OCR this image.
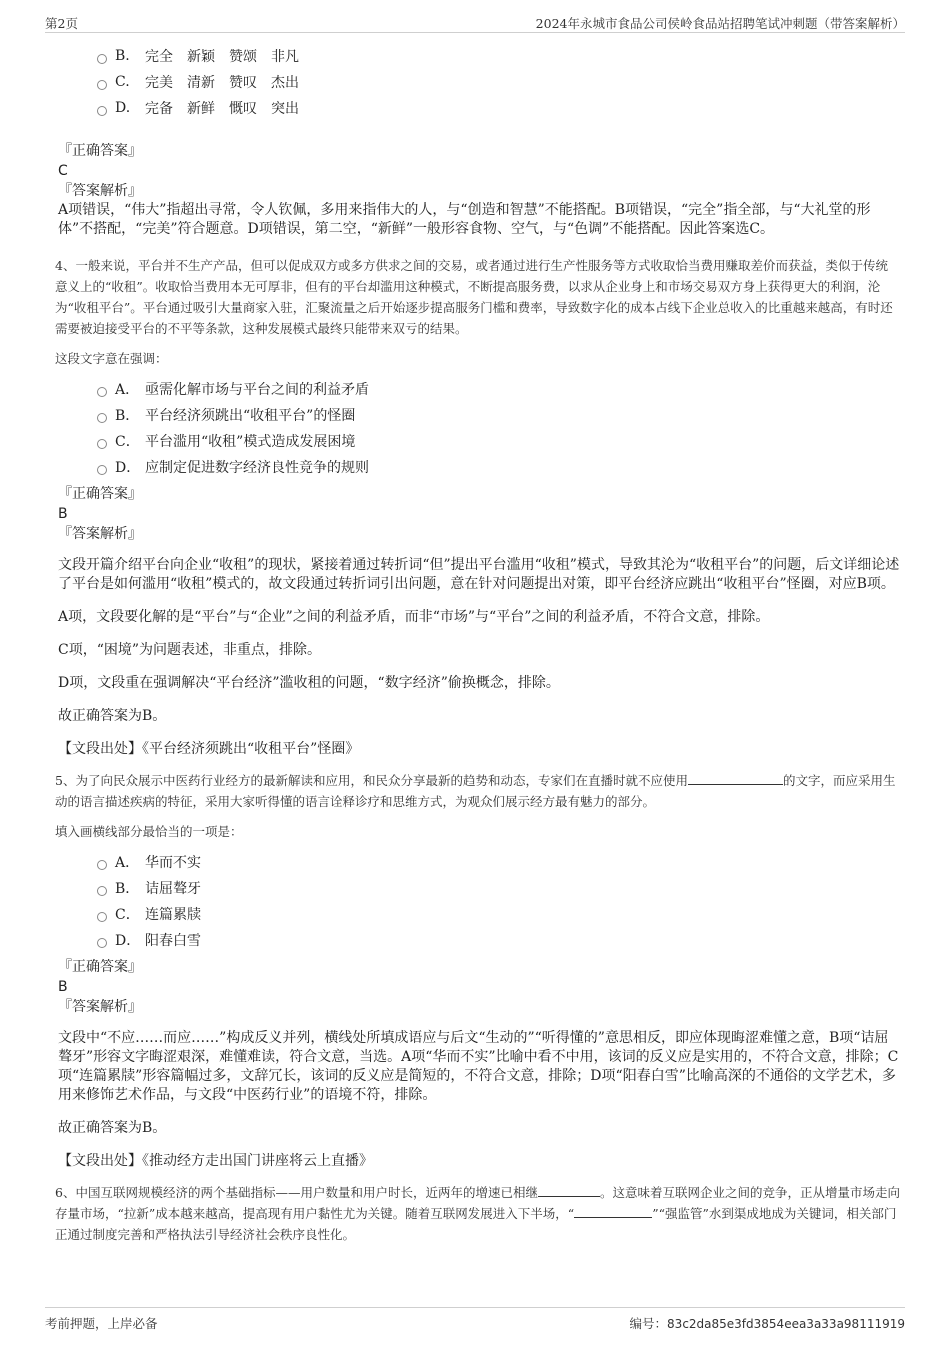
第2页	2024年永城市食品公司侯岭食品站招聘笔试冲刺题（带答案解析）
B.	完全　新颖　赞颂　非凡
C.	完美　清新　赞叹　杰出
D.	完备　新鲜　慨叹　突出
『正确答案』
C
『答案解析』
A项错误，“伟大”指超出寻常，令人钦佩，多用来指伟大的人，与“创造和智慧”不能搭配。B项错误，“完全”指全部，与“大礼堂的形体”不搭配，“完美”符合题意。D项错误，第二空，“新鲜”一般形容食物、空气，与“色调”不能搭配。因此答案选C。
4、一般来说，平台并不生产产品，但可以促成双方或多方供求之间的交易，或者通过进行生产性服务等方式收取恰当费用赚取差价而获益，类似于传统意义上的“收租”。收取恰当费用本无可厚非，但有的平台却滥用这种模式，不断提高服务费，以求从企业身上和市场交易双方身上获得更大的利润，沦为“收租平台”。平台通过吸引大量商家入驻，汇聚流量之后开始逐步提高服务门槛和费率，导致数字化的成本占线下企业总收入的比重越来越高，有时还需要被迫接受平台的不平等条款，这种发展模式最终只能带来双亏的结果。
这段文字意在强调：
A． 亟需化解市场与平台之间的利益矛盾
B． 平台经济须跳出“收租平台”的怪圈
C． 平台滥用“收租”模式造成发展困境
D． 应制定促进数字经济良性竞争的规则
『正确答案』
B
『答案解析』
文段开篇介绍平台向企业“收租”的现状，紧接着通过转折词“但”提出平台滥用“收租”模式，导致其沦为“收租平台”的问题，后文详细论述了平台是如何滥用“收租”模式的，故文段通过转折词引出问题，意在针对问题提出对策，即平台经济应跳出“收租平台”怪圈，对应B项。
A项，文段要化解的是“平台”与“企业”之间的利益矛盾，而非“市场”与“平台”之间的利益矛盾，不符合文意，排除。
C项，“困境”为问题表述，非重点，排除。
D项，文段重在强调解决“平台经济”滥收租的问题，“数字经济”偷换概念，排除。
故正确答案为B。
【文段出处】《平台经济须跳出“收租平台”怪圈》
5、为了向民众展示中医药行业经方的最新解读和应用，和民众分享最新的趋势和动态，专家们在直播时就不应使用	的文字，而应采用生动的语言描述疾病的特征，采用大家听得懂的语言诠释诊疗和思维方式，为观众们展示经方最有魅力的部分。
填入画横线部分最恰当的一项是：
A． 华而不实
B． 诘屈聱牙
C． 连篇累牍
D． 阳春白雪
『正确答案』
B
『答案解析』
文段中“不应……而应……”构成反义并列，横线处所填成语应与后文“生动的”“听得懂的”意思相反，即应体现晦涩难懂之意，B项“诘屈聱牙”形容文字晦涩艰深，难懂难读，符合文意，当选。A项“华而不实”比喻中看不中用，该词的反义应是实用的，不符合文意，排除；C项“连篇累牍”形容篇幅过多，文辞冗长，该词的反义应是简短的，不符合文意，排除；D项“阳春白雪”比喻高深的不通俗的文学艺术，多用来修饰艺术作品，与文段“中医药行业”的语境不符，排除。
故正确答案为B。
【文段出处】《推动经方走出国门讲座将云上直播》
6、中国互联网规模经济的两个基础指标——用户数量和用户时长，近两年的增速已相继	。这意味着互联网企业之间的竞争，正从增量市场走向存量市场，“拉新”成本越来越高，提高现有用户黏性尤为关键。随着互联网发展进入下半场，“	”“强监管”水到渠成地成为关键词，相关部门正通过制度完善和严格执法引导经济社会秩序良性化。
考前押题，上岸必备	编号：83c2da85e3fd3854eea3a33a98111919
